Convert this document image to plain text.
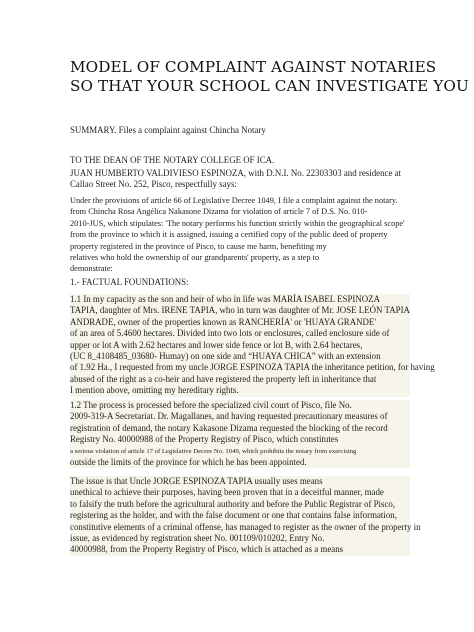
MODEL OF COMPLAINT AGAINST NOTARIES
SO THAT YOUR SCHOOL CAN INVESTIGATE YOU

SUMMARY. Files a complaint against Chincha Notary

TO THE DEAN OF THE NOTARY COLLEGE OF ICA.

JUAN HUMBERTO VALDIVIESO ESPINOZA, with D.N.I. No. 22303303 and residence at
Callao Street No. 252, Pisco, respectfully says:
Under the provisions of article 66 of Legislative Decree 1049, I file a complaint against the notary.
from Chincha Rosa Angélica Nakasone Dizama for violation of article 7 of D.S. No. 010-
2010-JUS, which stipulates: 'The notary performs his function strictly within the geographical scope'
from the province to which it is assigned, issuing a certified copy of the public deed of property
property registered in the province of Pisco, to cause me harm, benefiting my
relatives who hold the ownership of our grandparents' property, as a step to
demonstrate:

1.- FACTUAL FOUNDATIONS:

1.1 In my capacity as the son and heir of who in life was MARÍA ISABEL ESPINOZA
TAPIA, daughter of Mrs. IRENE TAPIA, who in turn was daughter of Mr. JOSE LEÓN TAPIA
ANDRADE, owner of the properties known as RANCHERÍA' or 'HUAYA GRANDE'
of an area of 5.4600 hectares. Divided into two lots or enclosures, called enclosure side of
upper or lot A with 2.62 hectares and lower side fence or lot B, with 2.64 hectares,
(UC 8_4108485_03680- Humay) on one side and “HUAYA CHICA” with an extension
of 1.92 Ha., I requested from my uncle JORGE ESPINOZA TAPIA the inheritance petition, for having
abused of the right as a co-heir and have registered the property left in inheritance that
I mention above, omitting my hereditary rights.
1.2 The process is processed before the specialized civil court of Pisco, file No.
2009-319-A Secretariat. Dr. Magallanes, and having requested precautionary measures of
registration of demand, the notary Kakasone Dizama requested the blocking of the record
Registry No. 40000988 of the Property Registry of Pisco, which constitutes
a serious violation of article 17 of Legislative Decree No. 1049, which prohibits the notary from exercising
outside the limits of the province for which he has been appointed.
The issue is that Uncle JORGE ESPINOZA TAPIA usually uses means
unethical to achieve their purposes, having been proven that in a deceitful manner, made
to falsify the truth before the agricultural authority and before the Public Registrar of Pisco,
registering as the holder, and with the false document or one that contains false information,
constitutive elements of a criminal offense, has managed to register as the owner of the property in
issue, as evidenced by registration sheet No. 001109/010202, Entry No.
40000988, from the Property Registry of Pisco, which is attached as a means
